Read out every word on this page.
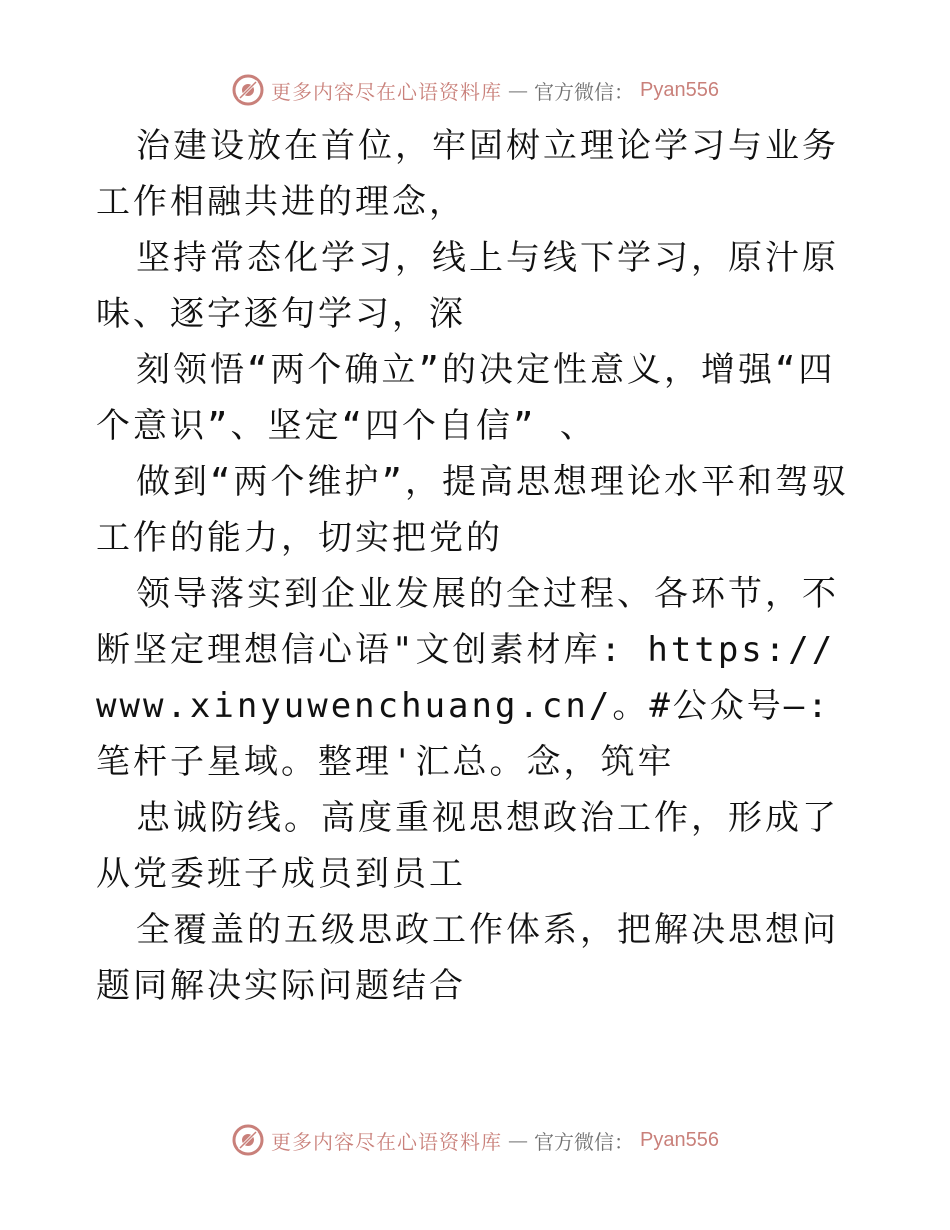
更多内容尽在心语资料库 — 官方微信： Pyan556

治建设放在首位，牢固树立理论学习与业务工作相融共进的理念，

坚持常态化学习，线上与线下学习，原汁原味、逐字逐句学习，深

刻领悟“两个确立”的决定性意义，增强“四个意识”、坚定“四个自信” 、

做到“两个维护”，提高思想理论水平和驾驭工作的能力，切实把党的

领导落实到企业发展的全过程、各环节，不断坚定理想信心语"文创素材库: https://

www.xinyuwenchuang.cn/。#公众号—: 笔杆子星域。整理'汇总。念，筑牢

忠诚防线。高度重视思想政治工作，形成了从党委班子成员到员工

全覆盖的五级思政工作体系，把解决思想问题同解决实际问题结合

更多内容尽在心语资料库 — 官方微信： Pyan556
